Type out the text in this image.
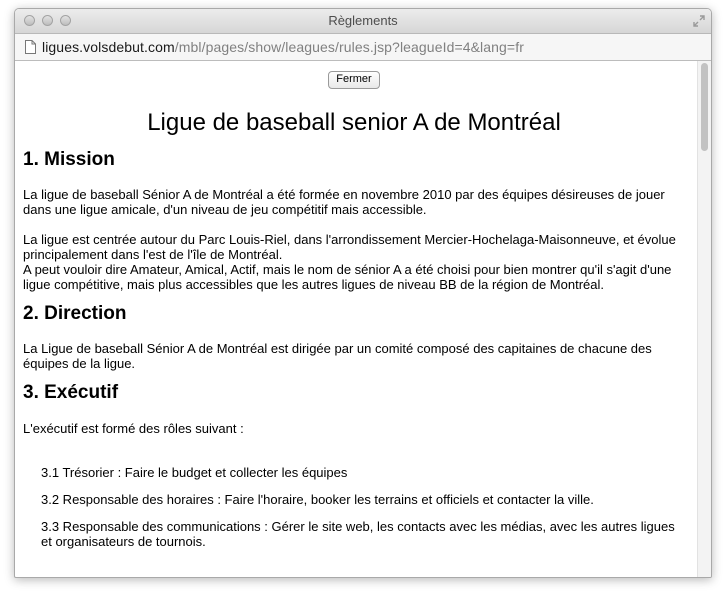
Règlements
ligues.volsdebut.com/mbl/pages/show/leagues/rules.jsp?leagueId=4&lang=fr
Fermer
Ligue de baseball senior A de Montréal
1. Mission

La ligue de baseball Sénior A de Montréal a été formée en novembre 2010 par des équipes désireuses de jouer dans une ligue amicale, d'un niveau de jeu compétitif mais accessible.

La ligue est centrée autour du Parc Louis-Riel, dans l'arrondissement Mercier-Hochelaga-Maisonneuve, et évolue principalement dans l'est de l'île de Montréal.

A peut vouloir dire Amateur, Amical, Actif, mais le nom de sénior A a été choisi pour bien montrer qu'il s'agit d'une ligue compétitive, mais plus accessibles que les autres ligues de niveau BB de la région de Montréal.

2. Direction

La Ligue de baseball Sénior A de Montréal est dirigée par un comité composé des capitaines de chacune des équipes de la ligue.

3. Exécutif

L'exécutif est formé des rôles suivant :

3.1 Trésorier : Faire le budget et collecter les équipes

3.2 Responsable des horaires : Faire l'horaire, booker les terrains et officiels et contacter la ville.

3.3 Responsable des communications : Gérer le site web, les contacts avec les médias, avec les autres ligues et organisateurs de tournois.
